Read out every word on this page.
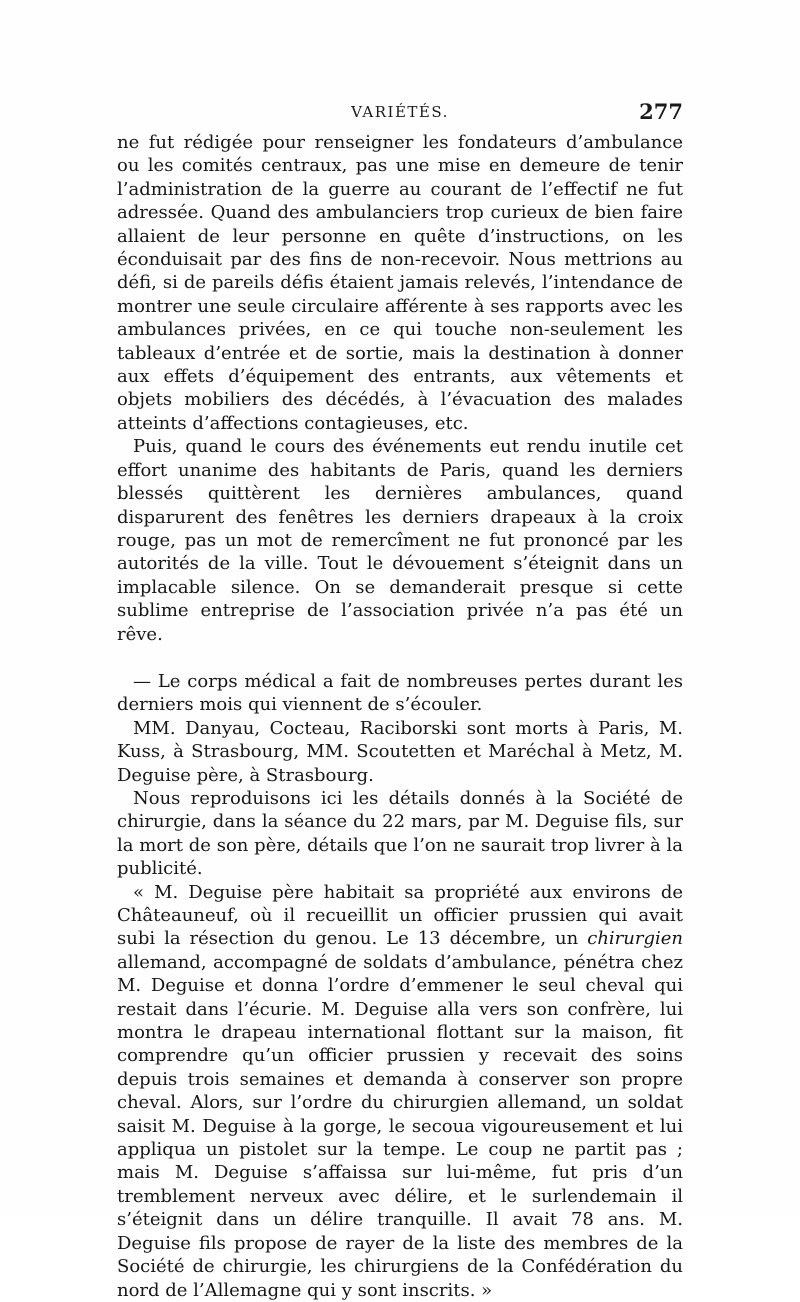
VARIÉTÉS.	277

ne fut rédigée pour renseigner les fondateurs d’ambulance ou les comités centraux, pas une mise en demeure de tenir l’administration de la guerre au courant de l’effectif ne fut adressée. Quand des ambulanciers trop curieux de bien faire allaient de leur personne en quête d’instructions, on les éconduisait par des fins de non-recevoir. Nous mettrions au défi, si de pareils défis étaient jamais relevés, l’intendance de montrer une seule circulaire afférente à ses rapports avec les ambulances privées, en ce qui touche non-seulement les tableaux d’entrée et de sortie, mais la destination à donner aux effets d’équipement des entrants, aux vêtements et objets mobiliers des décédés, à l’évacuation des malades atteints d’affections contagieuses, etc.

Puis, quand le cours des événements eut rendu inutile cet effort unanime des habitants de Paris, quand les derniers blessés quittèrent les dernières ambulances, quand disparurent des fenêtres les derniers drapeaux à la croix rouge, pas un mot de remercîment ne fut prononcé par les autorités de la ville. Tout le dévouement s’éteignit dans un implacable silence. On se demanderait presque si cette sublime entreprise de l’association privée n’a pas été un rêve.

— Le corps médical a fait de nombreuses pertes durant les derniers mois qui viennent de s’écouler.

MM. Danyau, Cocteau, Raciborski sont morts à Paris, M. Kuss, à Strasbourg, MM. Scoutetten et Maréchal à Metz, M. Deguise père, à Strasbourg.

Nous reproduisons ici les détails donnés à la Société de chirurgie, dans la séance du 22 mars, par M. Deguise fils, sur la mort de son père, détails que l’on ne saurait trop livrer à la publicité.

« M. Deguise père habitait sa propriété aux environs de Châteauneuf, où il recueillit un officier prussien qui avait subi la résection du genou. Le 13 décembre, un chirurgien allemand, accompagné de soldats d’ambulance, pénétra chez M. Deguise et donna l’ordre d’emmener le seul cheval qui restait dans l’écurie. M. Deguise alla vers son confrère, lui montra le drapeau international flottant sur la maison, fit comprendre qu’un officier prussien y recevait des soins depuis trois semaines et demanda à conserver son propre cheval. Alors, sur l’ordre du chirurgien allemand, un soldat saisit M. Deguise à la gorge, le secoua vigoureusement et lui appliqua un pistolet sur la tempe. Le coup ne partit pas ; mais M. Deguise s’affaissa sur lui-même, fut pris d’un tremblement nerveux avec délire, et le surlendemain il s’éteignit dans un délire tranquille. Il avait 78 ans. M. Deguise fils propose de rayer de la liste des membres de la Société de chirurgie, les chirurgiens de la Confédération du nord de l’Allemagne qui y sont inscrits. »
